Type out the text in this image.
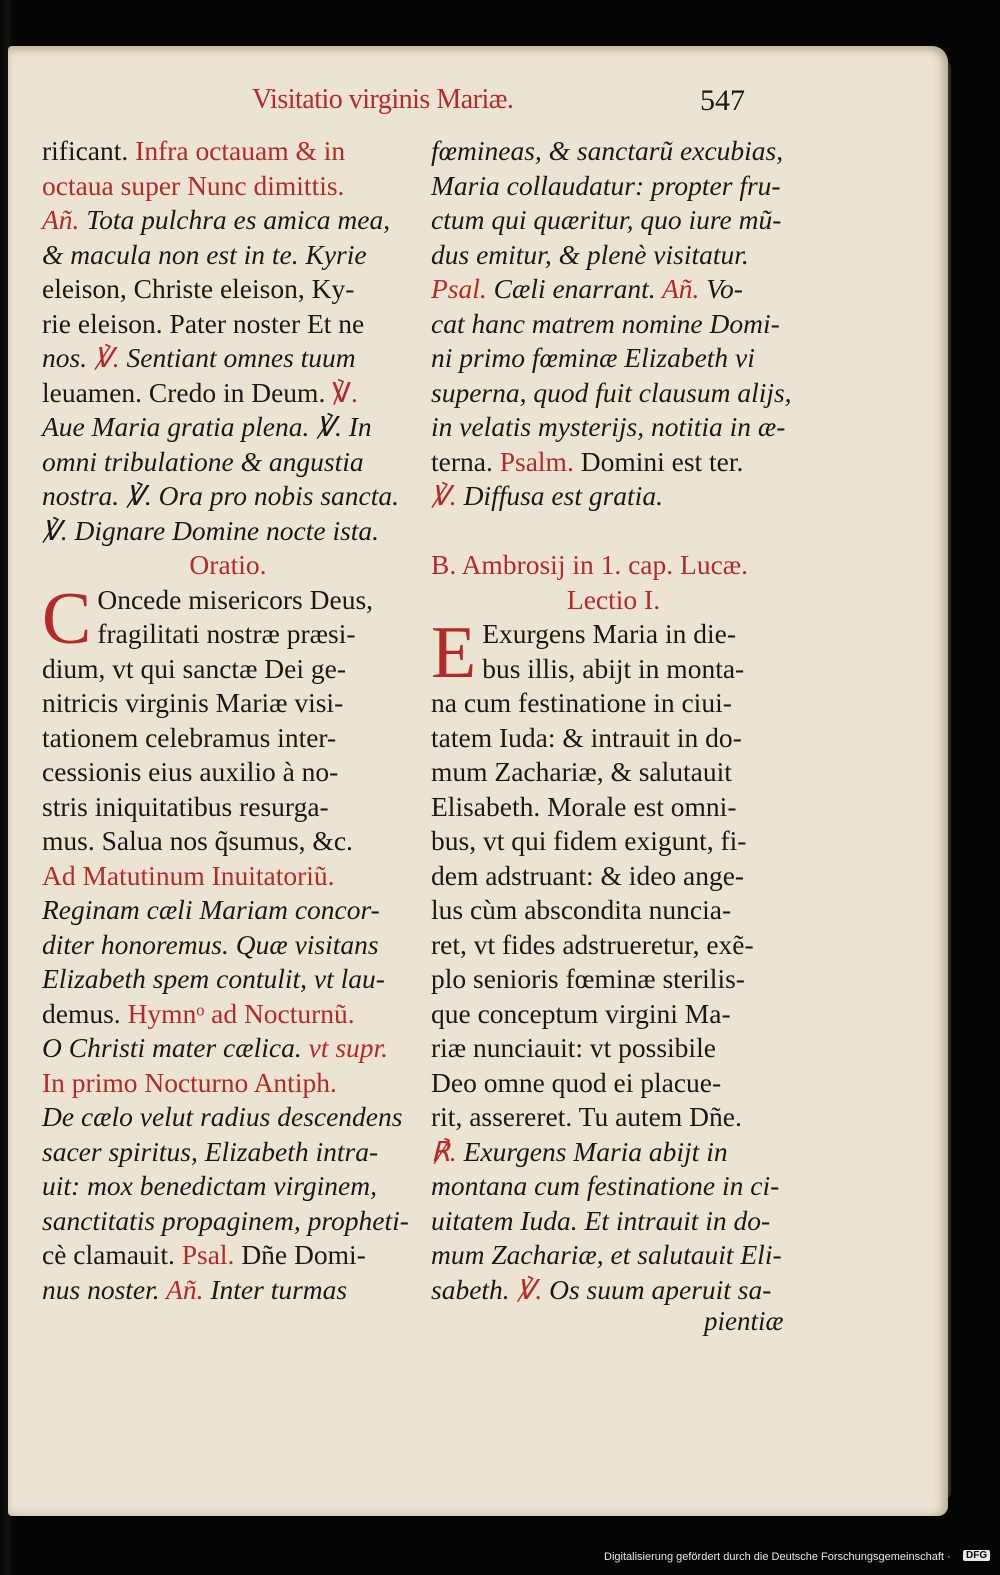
Visitatio virginis Mariæ.	547
rificant. Infra octauam & in
octaua super Nunc dimittis.
Añ. Tota pulchra es amica mea,
& macula non est in te. Kyrie
eleison, Christe eleison, Ky-
rie eleison. Pater noster Et ne
nos. ℣. Sentiant omnes tuum
leuamen. Credo in Deum. ℣.
Aue Maria gratia plena. ℣. In
omni tribulatione & angustia
nostra. ℣. Ora pro nobis sancta.
℣. Dignare Domine nocte ista.
Oratio.
C Oncede misericors Deus,
fragilitati nostræ præsi-
dium, vt qui sanctæ Dei ge-
nitricis virginis Mariæ visi-
tationem celebramus inter-
cessionis eius auxilio à no-
stris iniquitatibus resurga-
mus. Salua nos q̃sumus, &c.
Ad Matutinum Inuitatoriũ.
Reginam cæli Mariam concor-
diter honoremus. Quæ visitans
Elizabeth spem contulit, vt lau-
demus. Hymnᵒ ad Nocturnũ.
O Christi mater cælica. vt supr.
In primo Nocturno Antiph.
De cælo velut radius descendens
sacer spiritus, Elizabeth intra-
uit: mox benedictam virginem,
sanctitatis propaginem, propheti-
cè clamauit. Psal. Dñe Domi-
nus noster. Añ. Inter turmas
fœmineas, & sanctarũ excubias,
Maria collaudatur: propter fru-
ctum qui quæritur, quo iure mũ-
dus emitur, & plenè visitatur.
Psal. Cæli enarrant. Añ. Vo-
cat hanc matrem nomine Domi-
ni primo fœminæ Elizabeth vi
superna, quod fuit clausum alijs,
in velatis mysterijs, notitia in æ-
terna. Psalm. Domini est ter.
℣. Diffusa est gratia.
B. Ambrosij in 1. cap. Lucæ.
Lectio I.
E Exurgens Maria in die-
bus illis, abijt in monta-
na cum festinatione in ciui-
tatem Iuda: & intrauit in do-
mum Zachariæ, & salutauit
Elisabeth. Morale est omni-
bus, vt qui fidem exigunt, fi-
dem adstruant: & ideo ange-
lus cùm abscondita nuncia-
ret, vt fides adstrueretur, exẽ-
plo senioris fœminæ sterilis-
que conceptum virgini Ma-
riæ nunciauit: vt possibile
Deo omne quod ei placue-
rit, assereret. Tu autem Dñe.
℟. Exurgens Maria abijt in
montana cum festinatione in ci-
uitatem Iuda. Et intrauit in do-
mum Zachariæ, et salutauit Eli-
sabeth. ℣. Os suum aperuit sa-
pientiæ
Digitalisierung gefördert durch die Deutsche Forschungsgemeinschaft ·	DFG
